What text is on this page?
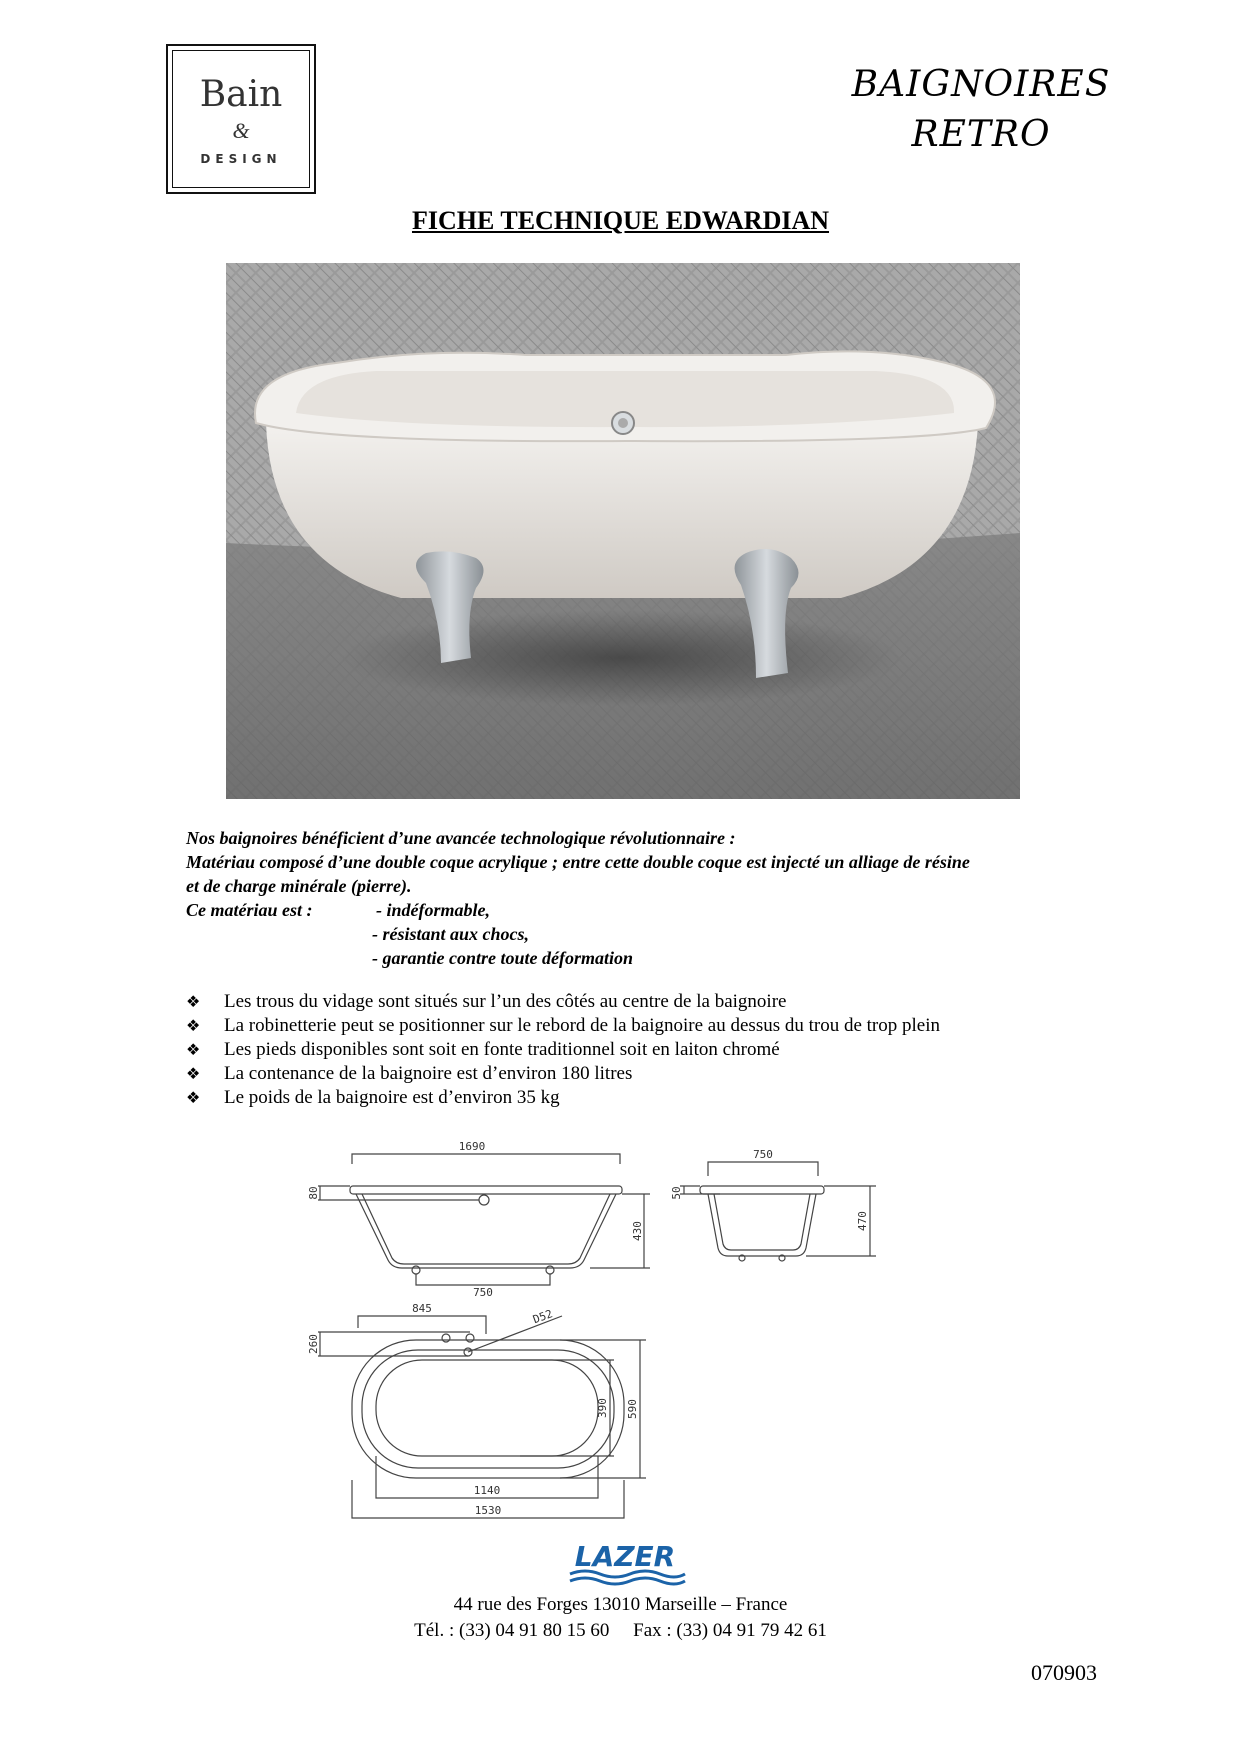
Bain
&
DESIGN
BAIGNOIRES
RETRO
FICHE TECHNIQUE EDWARDIAN
Nos baignoires bénéficient d’une avancée technologique révolutionnaire :
Matériau composé d’une double coque acrylique ; entre cette double coque est injecté un alliage de résine
et de charge minérale (pierre).
Ce matériau est :	- indéformable,
- résistant aux chocs,
- garantie contre toute déformation
❖	Les trous du vidage sont situés sur l’un des côtés au centre de la baignoire
❖	La robinetterie peut se positionner sur le rebord de la baignoire au dessus du trou de trop plein
❖	Les pieds disponibles sont soit en fonte traditionnel soit en laiton chromé
❖	La contenance de la baignoire est d’environ 180 litres
❖	Le poids de la baignoire est d’environ 35 kg
1690
80
430
750
750
50
470
845
260
D52
390 590
1140
1530
LAZER
44 rue des Forges 13010 Marseille – France
Tél. : (33) 04 91 80 15 60 Fax : (33) 04 91 79 42 61
070903
